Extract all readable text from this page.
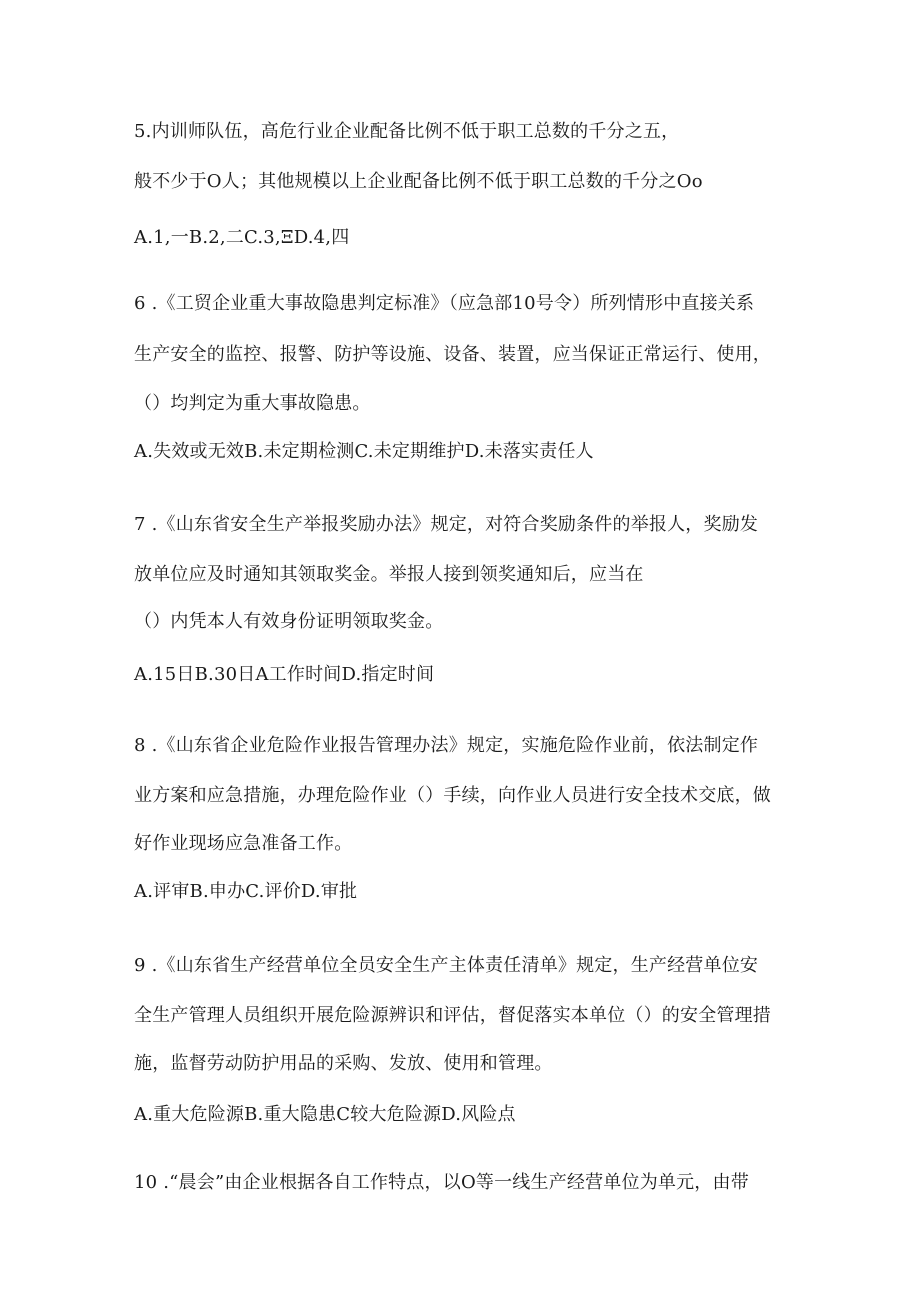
5.内训师队伍，高危行业企业配备比例不低于职工总数的千分之五，
般不少于O人；其他规模以上企业配备比例不低于职工总数的千分之Oo
A.1,一B.2,二C.3,ΞD.4,四
6 .《工贸企业重大事故隐患判定标准》（应急部10号令）所列情形中直接关系
生产安全的监控、报警、防护等设施、设备、装置，应当保证正常运行、使用，
（）均判定为重大事故隐患。
A.失效或无效B.未定期检测C.未定期维护D.未落实责任人
7 .《山东省安全生产举报奖励办法》规定，对符合奖励条件的举报人，奖励发
放单位应及时通知其领取奖金。举报人接到领奖通知后，应当在
（）内凭本人有效身份证明领取奖金。
A.15日B.30日A工作时间D.指定时间
8 .《山东省企业危险作业报告管理办法》规定，实施危险作业前，依法制定作
业方案和应急措施，办理危险作业（）手续，向作业人员进行安全技术交底，做
好作业现场应急准备工作。
A.评审B.申办C.评价D.审批
9 .《山东省生产经营单位全员安全生产主体责任清单》规定，生产经营单位安
全生产管理人员组织开展危险源辨识和评估，督促落实本单位（）的安全管理措
施，监督劳动防护用品的采购、发放、使用和管理。
A.重大危险源B.重大隐患C较大危险源D.风险点
10 .“晨会”由企业根据各自工作特点，以O等一线生产经营单位为单元，由带
